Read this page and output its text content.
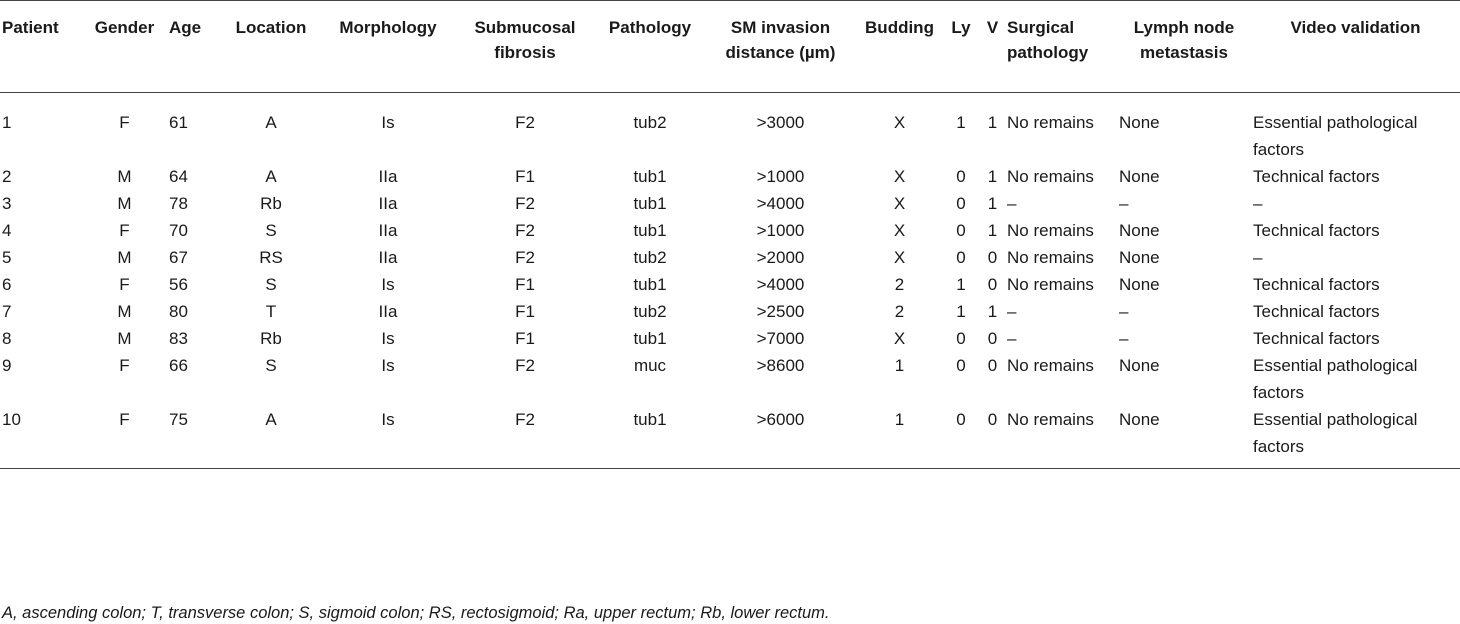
Patient	Gender	Age	Location	Morphology	Submucosal fibrosis	Pathology	SM invasion distance (µm)	Budding	Ly	V	Surgical pathology	Lymph node metastasis	Video validation
1	F	61	A	Is	F2	tub2	>3000	X	1	1	No remains	None	Essential pathological factors
2	M	64	A	IIa	F1	tub1	>1000	X	0	1	No remains	None	Technical factors
3	M	78	Rb	IIa	F2	tub1	>4000	X	0	1	–	–	–
4	F	70	S	IIa	F2	tub1	>1000	X	0	1	No remains	None	Technical factors
5	M	67	RS	IIa	F2	tub2	>2000	X	0	0	No remains	None	–
6	F	56	S	Is	F1	tub1	>4000	2	1	0	No remains	None	Technical factors
7	M	80	T	IIa	F1	tub2	>2500	2	1	1	–	–	Technical factors
8	M	83	Rb	Is	F1	tub1	>7000	X	0	0	–	–	Technical factors
9	F	66	S	Is	F2	muc	>8600	1	0	0	No remains	None	Essential pathological factors
10	F	75	A	Is	F2	tub1	>6000	1	0	0	No remains	None	Essential pathological factors
A, ascending colon; T, transverse colon; S, sigmoid colon; RS, rectosigmoid; Ra, upper rectum; Rb, lower rectum.
